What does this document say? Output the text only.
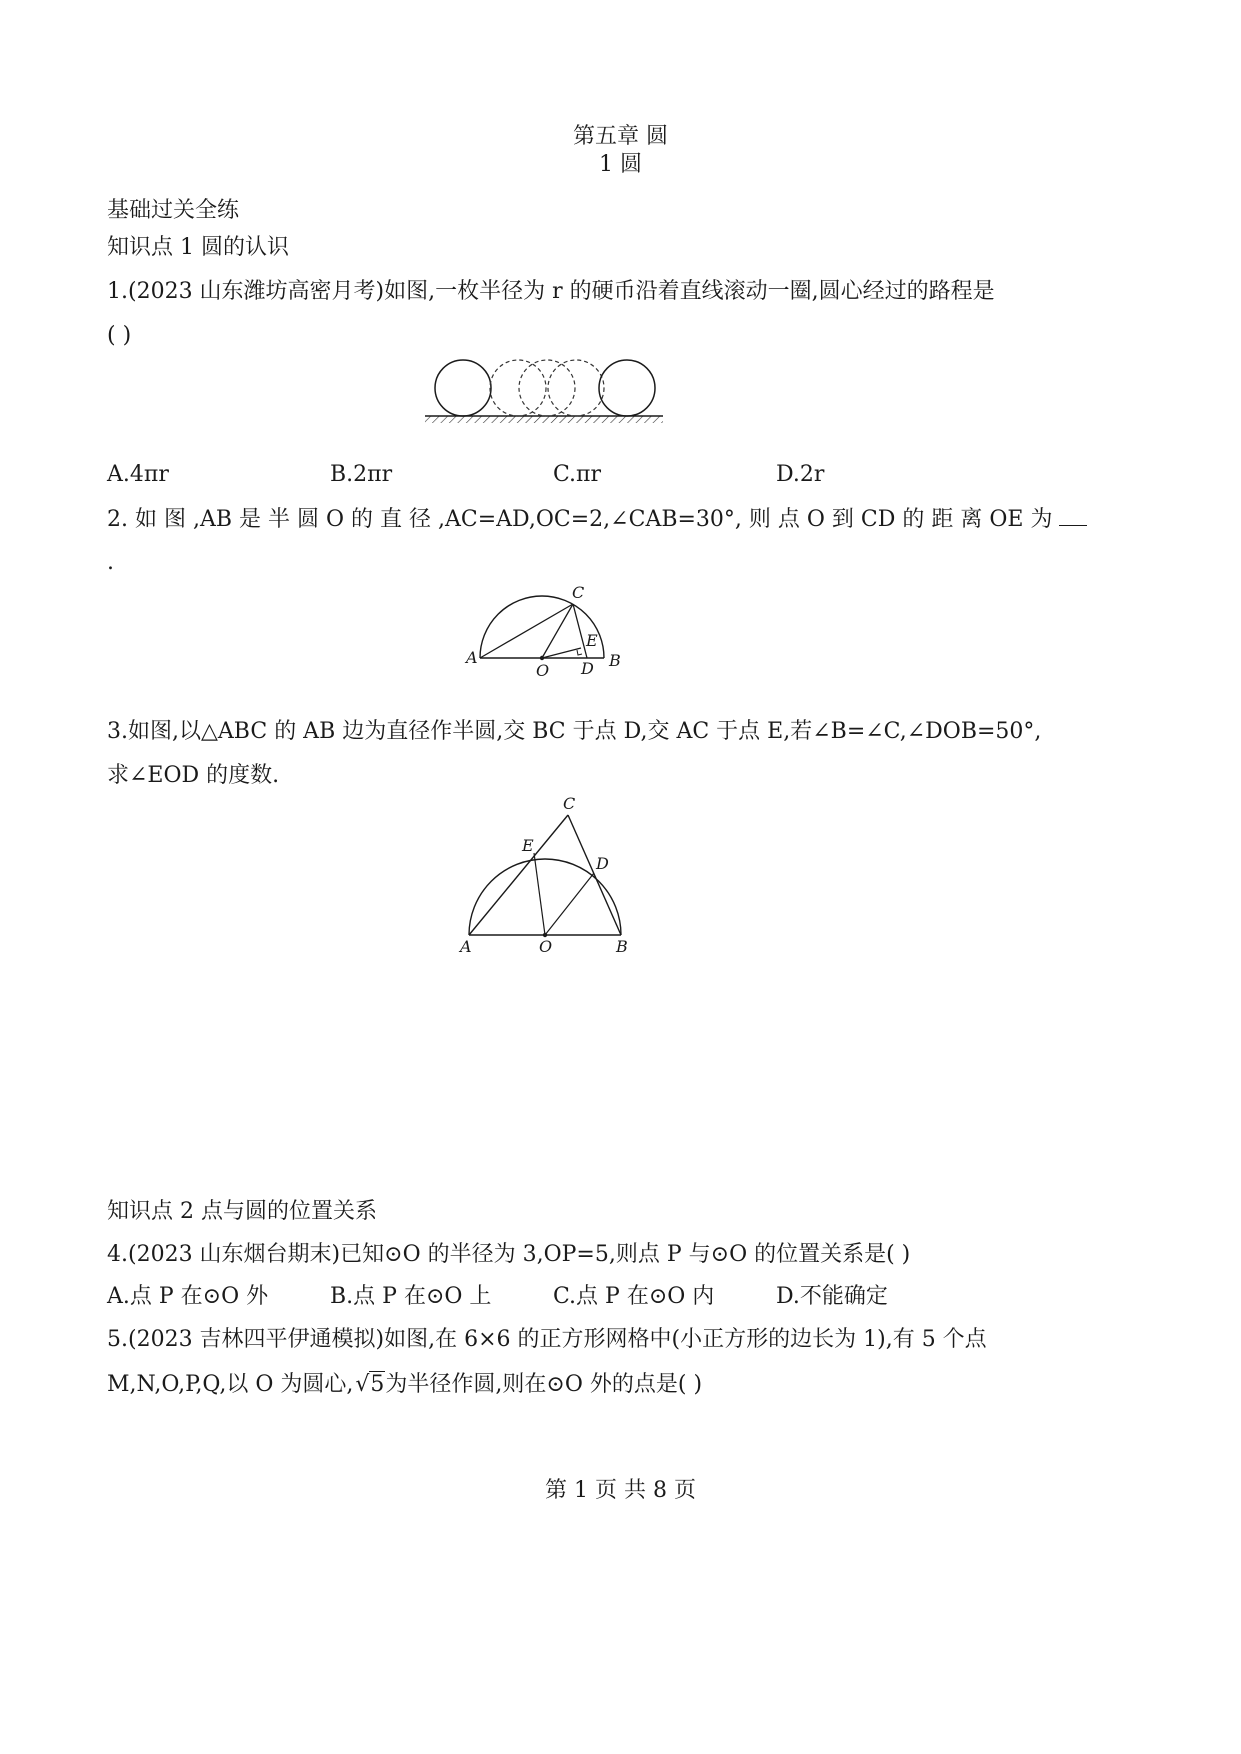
第五章 圆
1 圆
基础过关全练
知识点 1 圆的认识
1.(2023 山东潍坊高密月考)如图,一枚半径为 r 的硬币沿着直线滚动一圈,圆心经过的路程是
( )
A.4πr	B.2πr	C.πr	D.2r
2. 如 图 ,AB 是 半 圆 O 的 直 径 ,AC=AD,OC=2,∠CAB=30°, 则 点 O 到 CD 的 距 离 OE 为
.
A
O D B
C
E
3.如图,以△ABC 的 AB 边为直径作半圆,交 BC 于点 D,交 AC 于点 E,若∠B=∠C,∠DOB=50°,
求∠EOD 的度数.
A	O	B
C
E
D
知识点 2 点与圆的位置关系
4.(2023 山东烟台期末)已知⊙O 的半径为 3,OP=5,则点 P 与⊙O 的位置关系是( )
A.点 P 在⊙O 外	B.点 P 在⊙O 上	C.点 P 在⊙O 内	D.不能确定
5.(2023 吉林四平伊通模拟)如图,在 6×6 的正方形网格中(小正方形的边长为 1),有 5 个点
M,N,O,P,Q,以 O 为圆心,√5为半径作圆,则在⊙O 外的点是( )
第 1 页 共 8 页
